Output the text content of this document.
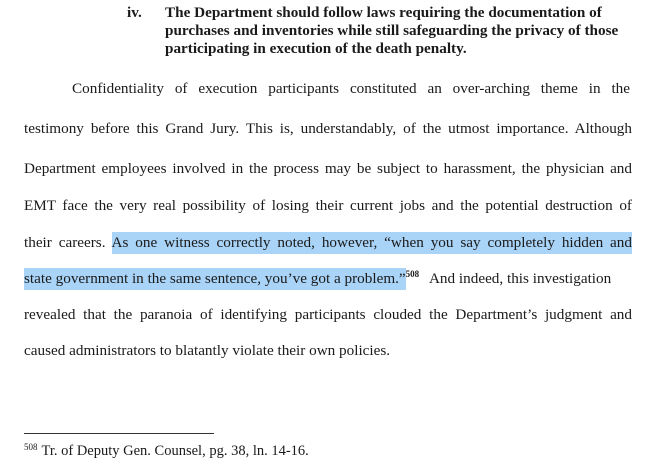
iv. The Department should follow laws requiring the documentation of
purchases and inventories while still safeguarding the privacy of those
participating in execution of the death penalty.
Confidentiality of execution participants constituted an over-arching theme in the
testimony before this Grand Jury. This is, understandably, of the utmost importance. Although
Department employees involved in the process may be subject to harassment, the physician and
EMT face the very real possibility of losing their current jobs and the potential destruction of
their careers. As one witness correctly noted, however, “when you say completely hidden and
state government in the same sentence, you’ve got a problem.”$^{508}$ And indeed, this investigation
revealed that the paranoia of identifying participants clouded the Department’s judgment and
caused administrators to blatantly violate their own policies.
$^{508}$ Tr. of Deputy Gen. Counsel, pg. 38, ln. 14-16.
